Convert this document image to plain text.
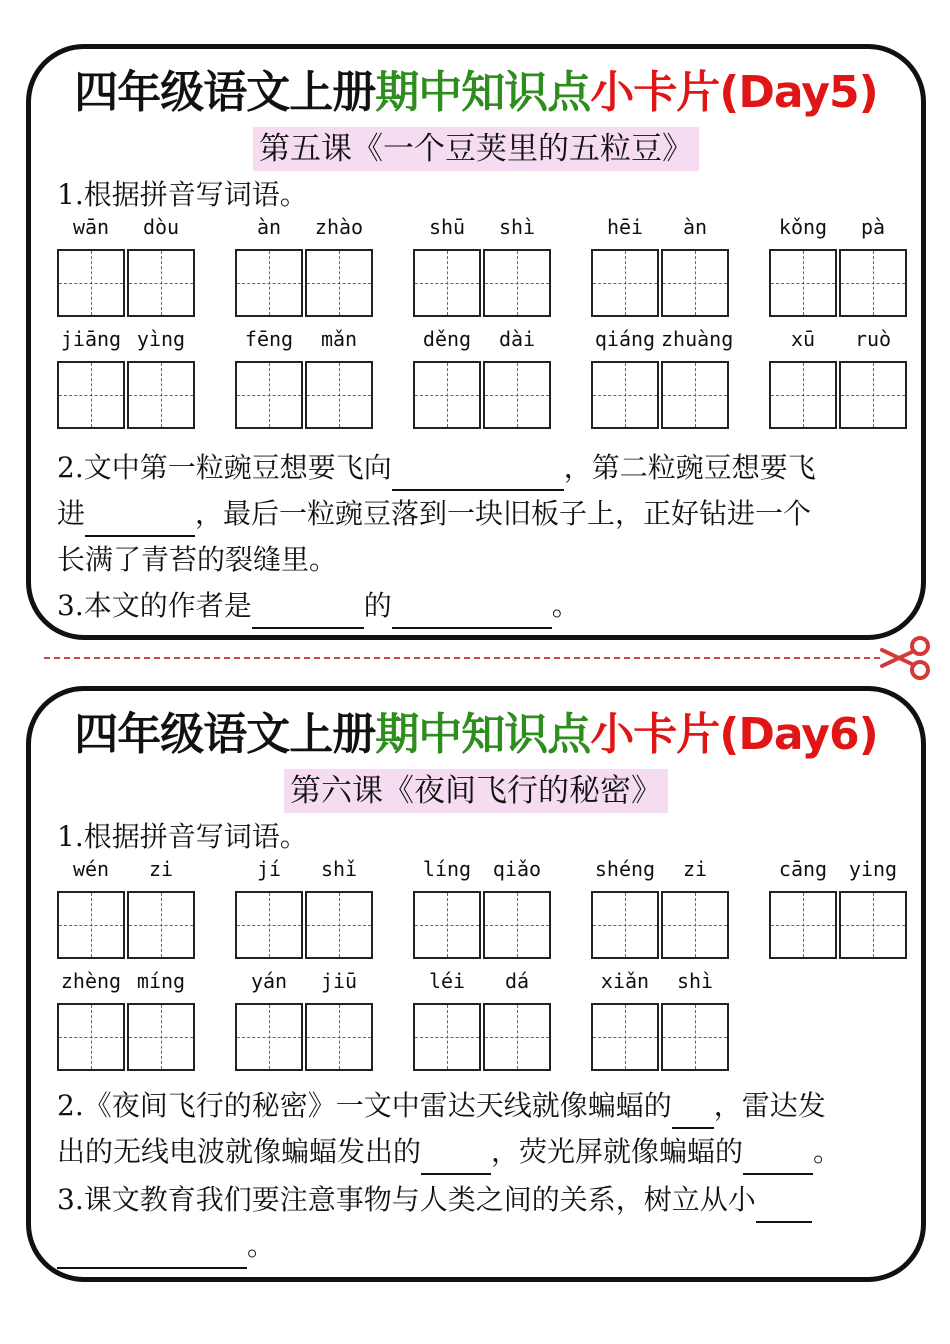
四年级语文上册期中知识点小卡片(Day5)
第五课《一个豆荚里的五粒豆》
1.根据拼音写词语。
wān	dòu	àn	zhào	shū	shì	hēi	àn	kǒng	pà
jiāng yìng	fēng	mǎn	děng	dài	qiáng zhuàng	xū	ruò
2.文中第一粒豌豆想要飞向	，第二粒豌豆想要飞
进	，最后一粒豌豆落到一块旧板子上，正好钻进一个
长满了青苔的裂缝里。
3.本文的作者是	的	。
四年级语文上册期中知识点小卡片(Day6)
第六课《夜间飞行的秘密》
1.根据拼音写词语。
wén	zi	jí	shǐ	líng	qiǎo	shéng	zi	cāng	ying
zhèng míng	yán	jiū	léi	dá	xiǎn	shì
2.《夜间飞行的秘密》一文中雷达天线就像蝙蝠的 ，雷达发
出的无线电波就像蝙蝠发出的	，荧光屏就像蝙蝠的	。
3.课文教育我们要注意事物与人类之间的关系，树立从小
。
